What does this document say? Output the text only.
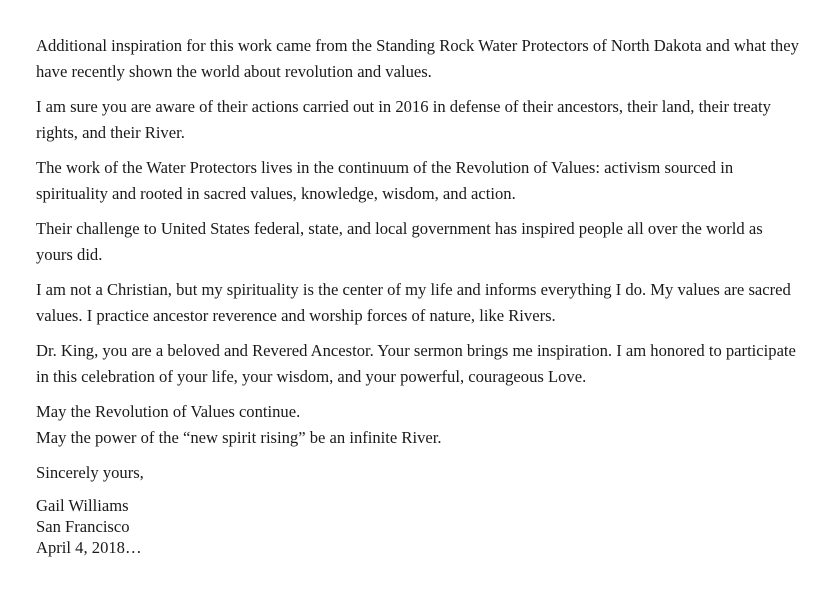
Additional inspiration for this work came from the Standing Rock Water Protectors of North Dakota and what they have recently shown the world about revolution and values.

I am sure you are aware of their actions carried out in 2016 in defense of their ancestors, their land, their treaty rights, and their River.

The work of the Water Protectors lives in the continuum of the Revolution of Values: activism sourced in spirituality and rooted in sacred values, knowledge, wisdom, and action.

Their challenge to United States federal, state, and local government has inspired people all over the world as yours did.

I am not a Christian, but my spirituality is the center of my life and informs everything I do. My values are sacred values. I practice ancestor reverence and worship forces of nature, like Rivers.

Dr. King, you are a beloved and Revered Ancestor. Your sermon brings me inspiration. I am honored to participate in this celebration of your life, your wisdom, and your powerful, courageous Love.

May the Revolution of Values continue.
May the power of the “new spirit rising” be an infinite River.

Sincerely yours,

Gail Williams
San Francisco
April 4, 2018…
